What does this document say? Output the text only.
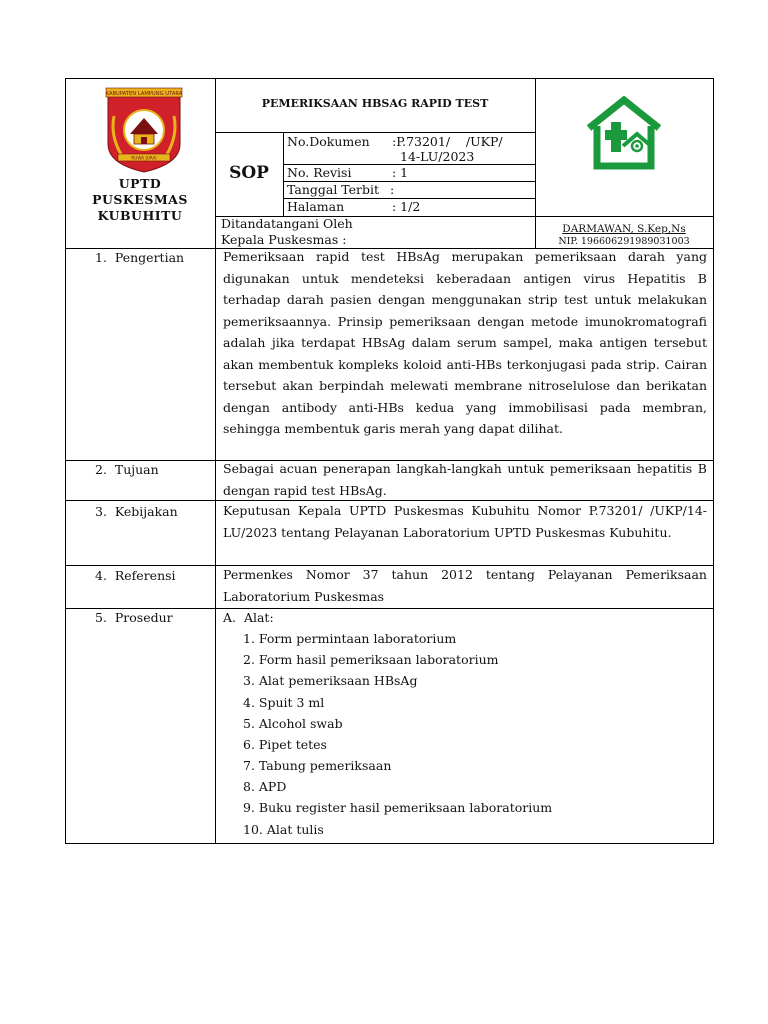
KABUPATEN LAMPUNG UTARA
RUWA JURAI
UPTD
PUSKESMAS
KUBUHITU
PEMERIKSAAN HBSAG RAPID TEST
SOP
No.Dokumen :P.73201/    /UKP/
14-LU/2023
No. Revisi	: 1
Tanggal Terbit :
Halaman	: 1/2
Ditandatangani Oleh
Kepala Puskesmas :
DARMAWAN, S.Kep,Ns
NIP. 196606291989031003
1.  Pengertian	Pemeriksaan rapid test HBsAg merupakan pemeriksaan darah yang digunakan untuk mendeteksi keberadaan antigen virus Hepatitis B terhadap darah pasien dengan menggunakan strip test untuk melakukan pemeriksaannya. Prinsip pemeriksaan dengan metode imunokromatografi adalah jika terdapat HBsAg dalam serum sampel, maka antigen tersebut akan membentuk kompleks koloid anti-HBs terkonjugasi pada strip. Cairan tersebut akan berpindah melewati membrane nitroselulose dan berikatan dengan antibody anti-HBs kedua yang immobilisasi pada membran, sehingga membentuk garis merah yang dapat dilihat.
2.  Tujuan	Sebagai acuan penerapan langkah-langkah untuk pemeriksaan hepatitis B dengan rapid test HBsAg.
3.  Kebijakan	Keputusan Kepala UPTD Puskesmas Kubuhitu Nomor P.73201/ /UKP/14-LU/2023 tentang Pelayanan Laboratorium UPTD Puskesmas Kubuhitu.
4.  Referensi	Permenkes Nomor 37 tahun 2012 tentang Pelayanan Pemeriksaan Laboratorium Puskesmas
5.  Prosedur	A.  Alat:
1. Form permintaan laboratorium
2. Form hasil pemeriksaan laboratorium
3. Alat pemeriksaan HBsAg
4. Spuit 3 ml
5. Alcohol swab
6. Pipet tetes
7. Tabung pemeriksaan
8. APD
9. Buku register hasil pemeriksaan laboratorium
10. Alat tulis
